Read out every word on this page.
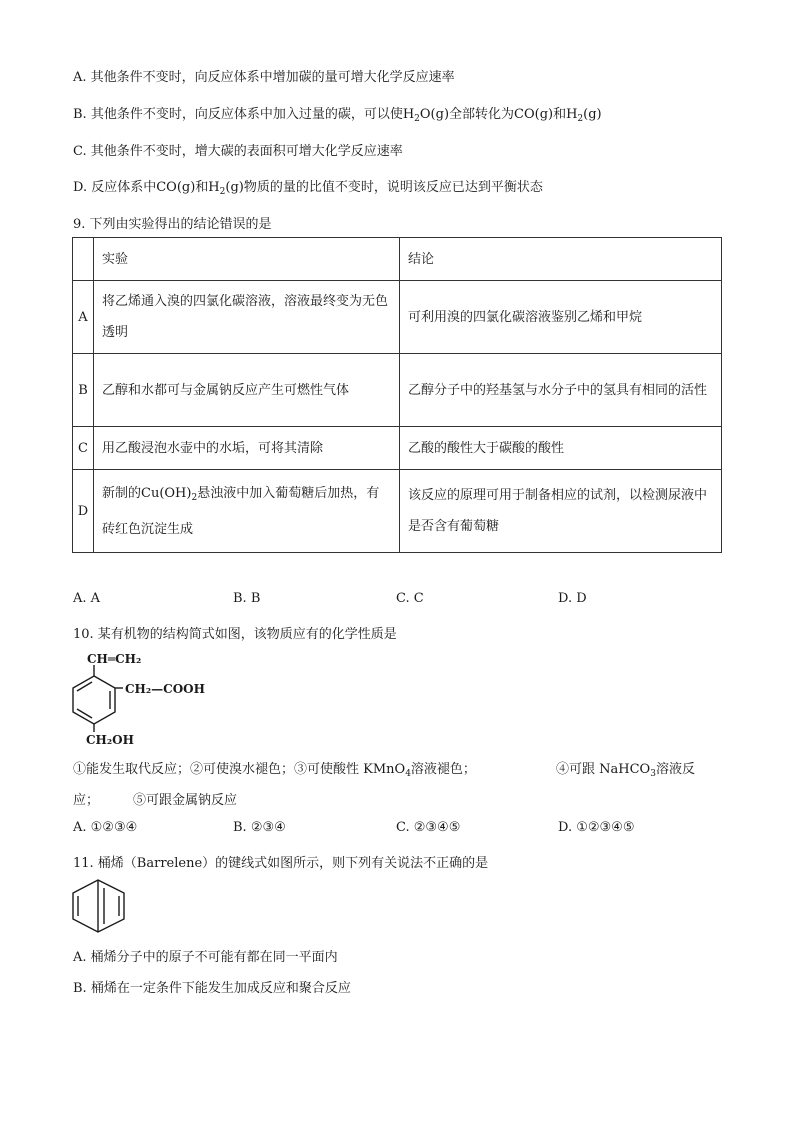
A. 其他条件不变时，向反应体系中增加碳的量可增大化学反应速率
B. 其他条件不变时，向反应体系中加入过量的碳，可以使$H_2O(g)$全部转化为CO(g)和$H_2(g)$
C. 其他条件不变时，增大碳的表面积可增大化学反应速率
D. 反应体系中CO(g)和$H_2(g)$物质的量的比值不变时，说明该反应已达到平衡状态
9. 下列由实验得出的结论错误的是
	实验	结论
A	将乙烯通入溴的四氯化碳溶液，溶液最终变为无色透明	可利用溴的四氯化碳溶液鉴别乙烯和甲烷
B	乙醇和水都可与金属钠反应产生可燃性气体	乙醇分子中的羟基氢与水分子中的氢具有相同的活性
C	用乙酸浸泡水壶中的水垢，可将其清除	乙酸的酸性大于碳酸的酸性
D	新制的$Cu(OH)_2$悬浊液中加入葡萄糖后加热，有砖红色沉淀生成	该反应的原理可用于制备相应的试剂，以检测尿液中是否含有葡萄糖
A. A	B. B	C. C	D. D
10. 某有机物的结构简式如图，该物质应有的化学性质是
CH═CH₂
CH₂—COOH
CH₂OH
①能发生取代反应；②可使溴水褪色；③可使酸性 KMnO$_4$溶液褪色；	④可跟 NaHCO$_3$溶液反
应；	⑤可跟金属钠反应
A. ①②③④	B. ②③④	C. ②③④⑤	D. ①②③④⑤
11. 桶烯（Barrelene）的键线式如图所示，则下列有关说法不正确的是
A. 桶烯分子中的原子不可能有都在同一平面内
B. 桶烯在一定条件下能发生加成反应和聚合反应
